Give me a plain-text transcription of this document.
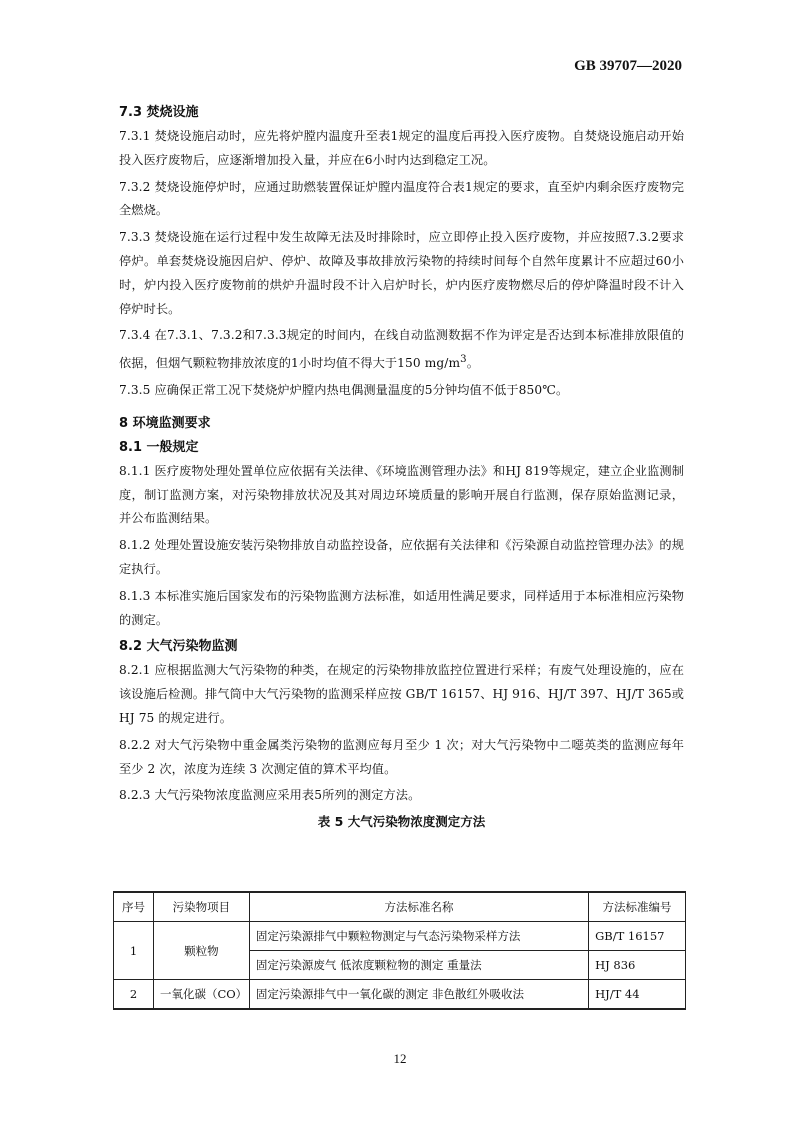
GB 39707—2020

7.3 焚烧设施

7.3.1 焚烧设施启动时，应先将炉膛内温度升至表1规定的温度后再投入医疗废物。自焚烧设施启动开始投入医疗废物后，应逐渐增加投入量，并应在6小时内达到稳定工况。

7.3.2 焚烧设施停炉时，应通过助燃装置保证炉膛内温度符合表1规定的要求，直至炉内剩余医疗废物完全燃烧。

7.3.3 焚烧设施在运行过程中发生故障无法及时排除时，应立即停止投入医疗废物，并应按照7.3.2要求停炉。单套焚烧设施因启炉、停炉、故障及事故排放污染物的持续时间每个自然年度累计不应超过60小时，炉内投入医疗废物前的烘炉升温时段不计入启炉时长，炉内医疗废物燃尽后的停炉降温时段不计入停炉时长。

7.3.4 在7.3.1、7.3.2和7.3.3规定的时间内，在线自动监测数据不作为评定是否达到本标准排放限值的依据，但烟气颗粒物排放浓度的1小时均值不得大于150 $mg/m^3$。

7.3.5 应确保正常工况下焚烧炉炉膛内热电偶测量温度的5分钟均值不低于850℃。

8 环境监测要求

8.1 一般规定

8.1.1 医疗废物处理处置单位应依据有关法律、《环境监测管理办法》和HJ 819等规定，建立企业监测制度，制订监测方案，对污染物排放状况及其对周边环境质量的影响开展自行监测，保存原始监测记录，并公布监测结果。

8.1.2 处理处置设施安装污染物排放自动监控设备，应依据有关法律和《污染源自动监控管理办法》的规定执行。

8.1.3 本标准实施后国家发布的污染物监测方法标准，如适用性满足要求，同样适用于本标准相应污染物的测定。

8.2 大气污染物监测

8.2.1 应根据监测大气污染物的种类，在规定的污染物排放监控位置进行采样；有废气处理设施的，应在该设施后检测。排气筒中大气污染物的监测采样应按 GB/T 16157、HJ 916、HJ/T 397、HJ/T 365或 HJ 75 的规定进行。

8.2.2 对大气污染物中重金属类污染物的监测应每月至少 1 次；对大气污染物中二噁英类的监测应每年至少 2 次，浓度为连续 3 次测定值的算术平均值。

8.2.3 大气污染物浓度监测应采用表5所列的测定方法。

表 5 大气污染物浓度测定方法

序号	污染物项目	方法标准名称	方法标准编号
1	颗粒物	固定污染源排气中颗粒物测定与气态污染物采样方法	GB/T 16157
		固定污染源废气 低浓度颗粒物的测定 重量法	HJ 836
2	一氧化碳（CO）	固定污染源排气中一氧化碳的测定 非色散红外吸收法	HJ/T 44
12
